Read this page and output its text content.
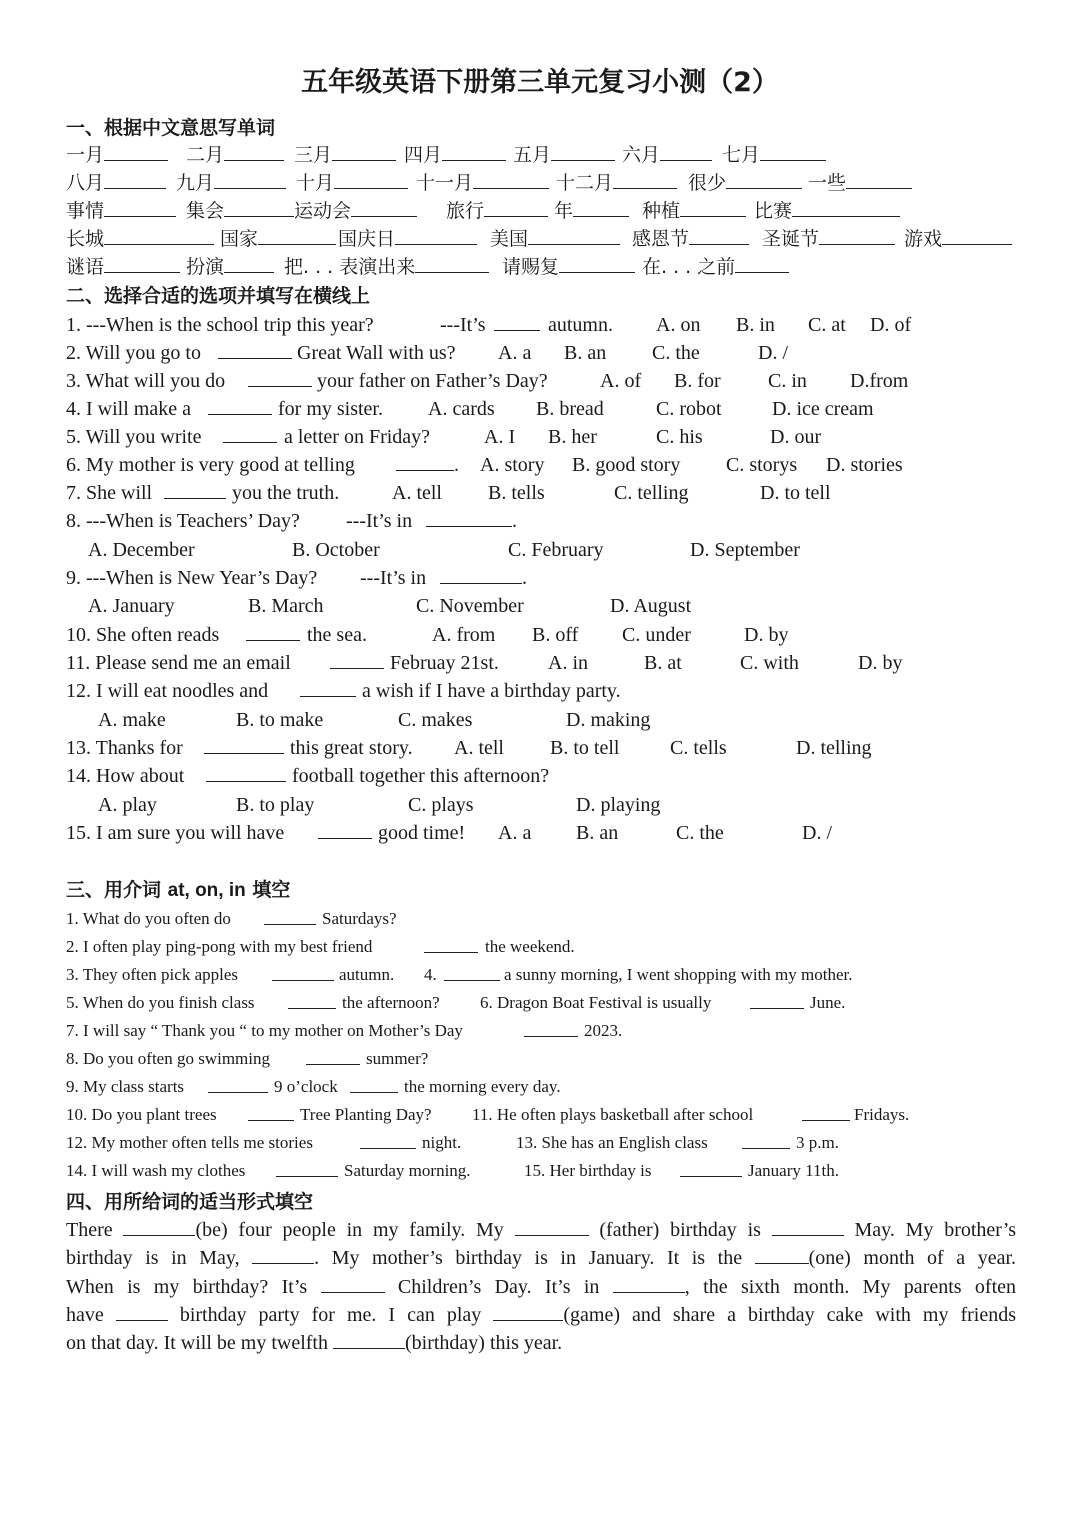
五年级英语下册第三单元复习小测（2）
一、根据中文意思写单词
一月	二月	三月	四月	五月	六月	七月
八月	九月	十月	十一月	十二月	很少	一些
事情	集会	运动会	旅行	年	种植	比赛
长城	国家	国庆日	美国	感恩节	圣诞节	游戏
谜语	扮演	把. . . 表演出来	请赐复	在. . . 之前
二、选择合适的选项并填写在横线上
1. ---When is the school trip this year?	---It’s	autumn. A. on B. in C. at D. of
2. Will you go to	Great Wall with us? A. a B. an C. the	D. /
3. What will you do	your father on Father’s Day?	A. of B. for C. in D.from
4. I will make a	for my sister. A. cards B. bread	C. robot	D. ice cream
5. Will you write	a letter on Friday?	A. I B. her	C. his	D. our
6. My mother is very good at telling	. A. story B. good story C. storys D. stories
7. She will	you the truth.	A. tell B. tells	C. telling	D. to tell
8. ---When is Teachers’ Day? ---It’s in	.
A. December	B. October	C. February	D. September
9. ---When is New Year’s Day? ---It’s in	.
A. January	B. March	C. November	D. August
10. She often reads	the sea.	A. from B. off C. under	D. by
11. Please send me an email	Februay 21st. A. in	B. at	C. with	D. by
12. I will eat noodles and	a wish if I have a birthday party.
A. make	B. to make	C. makes	D. making
13. Thanks for	this great story. A. tell B. to tell	C. tells	D. telling
14. How about	football together this afternoon?
A. play	B. to play	C. plays	D. playing
15. I am sure you will have	good time! A. a B. an	C. the	D. /
三、用介词 at, on, in 填空
1. What do you often do	Saturdays?
2. I often play ping-pong with my best friend	the weekend.
3. They often pick apples	autumn. 4.	a sunny morning, I went shopping with my mother.
5. When do you finish class	the afternoon? 6. Dragon Boat Festival is usually	June.
7. I will say “ Thank you “ to my mother on Mother’s Day	2023.
8. Do you often go swimming	summer?
9. My class starts	9 o’clock	the morning every day.
10. Do you plant trees	Tree Planting Day? 11. He often plays basketball after school	Fridays.
12. My mother often tells me stories	night.	13. She has an English class	3 p.m.
14. I will wash my clothes	Saturday morning.	15. Her birthday is	January 11th.
四、用所给词的适当形式填空
There	(be) four people in my family. My	(father) birthday is	May. My brother’s
birthday is in May,	. My mother’s birthday is in January. It is the	(one) month of a year.
When is my birthday? It’s	Children’s Day. It’s in	, the sixth month. My parents often
have	birthday party for me. I can play	(game) and share a birthday cake with my friends
on that day. It will be my twelfth	(birthday) this year.
